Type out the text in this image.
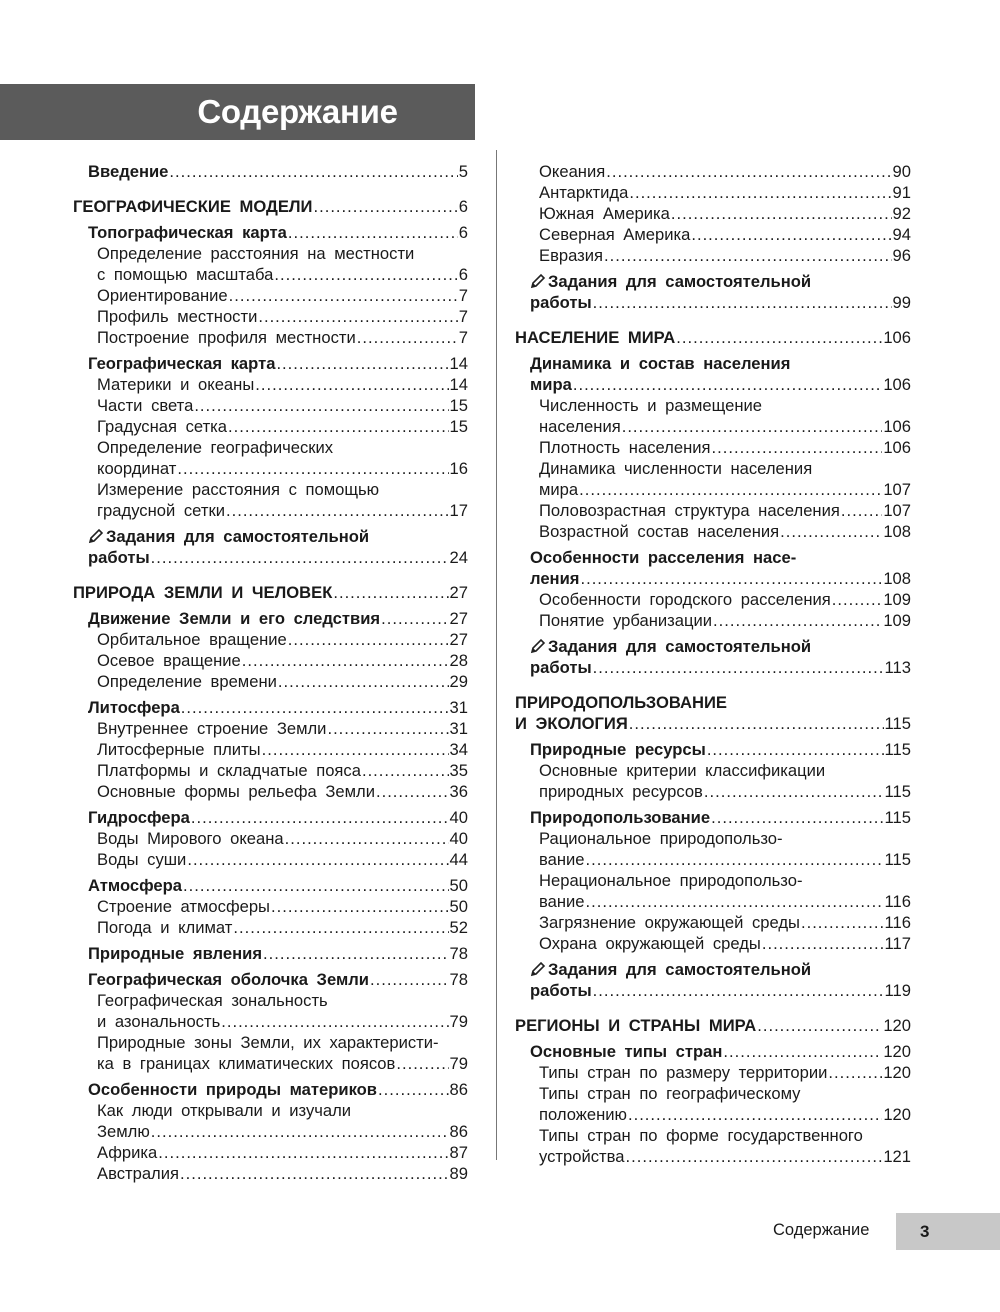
Содержание
Введение .....	5
ГЕОГРАФИЧЕСКИЕ МОДЕЛИ .....	6
Топографическая карта .....	6
Определение расстояния на местности
с помощью масштаба .....	6
Ориентирование .....	7
Профиль местности .....	7
Построение профиля местности .....	7
Географическая карта .....	14
Материки и океаны .....	14
Части света .....	15
Градусная сетка .....	15
Определение географических
координат .....	16
Измерение расстояния с помощью
градусной сетки .....	17
Задания для самостоятельной
работы .....	24
ПРИРОДА ЗЕМЛИ И ЧЕЛОВЕК .....	27
Движение Земли и его следствия .....	27
Орбитальное вращение .....	27
Осевое вращение .....	28
Определение времени .....	29
Литосфера .....	31
Внутреннее строение Земли .....	31
Литосферные плиты .....	34
Платформы и складчатые пояса .....	35
Основные формы рельефа Земли .....	36
Гидросфера .....	40
Воды Мирового океана .....	40
Воды суши .....	44
Атмосфера .....	50
Строение атмосферы .....	50
Погода и климат .....	52
Природные явления .....	78
Географическая оболочка Земли .....	78
Географическая зональность
и азональность .....	79
Природные зоны Земли, их характеристи-
ка в границах климатических поясов .....	79
Особенности природы материков .....	86
Как люди открывали и изучали
Землю .....	86
Африка .....	87
Австралия .....	89
Океания .....	90
Антарктида .....	91
Южная Америка .....	92
Северная Америка .....	94
Евразия .....	96
Задания для самостоятельной
работы .....	99
НАСЕЛЕНИЕ МИРА .....	106
Динамика и состав населения
мира .....	106
Численность и размещение
населения .....	106
Плотность населения .....	106
Динамика численности населения
мира .....	107
Половозрастная структура населения .....	107
Возрастной состав населения .....	108
Особенности расселения насе-
ления .....	108
Особенности городского расселения .....	109
Понятие урбанизации .....	109
Задания для самостоятельной
работы .....	113
ПРИРОДОПОЛЬЗОВАНИЕ
И ЭКОЛОГИЯ .....	115
Природные ресурсы .....	115
Основные критерии классификации
природных ресурсов .....	115
Природопользование .....	115
Рациональное природопользо-
вание .....	115
Нерациональное природопользо-
вание .....	116
Загрязнение окружающей среды .....	116
Охрана окружающей среды .....	117
Задания для самостоятельной
работы .....	119
РЕГИОНЫ И СТРАНЫ МИРА .....	120
Основные типы стран .....	120
Типы стран по размеру территории .....	120
Типы стран по географическому
положению .....	120
Типы стран по форме государственного
устройства .....	121
Содержание	3
